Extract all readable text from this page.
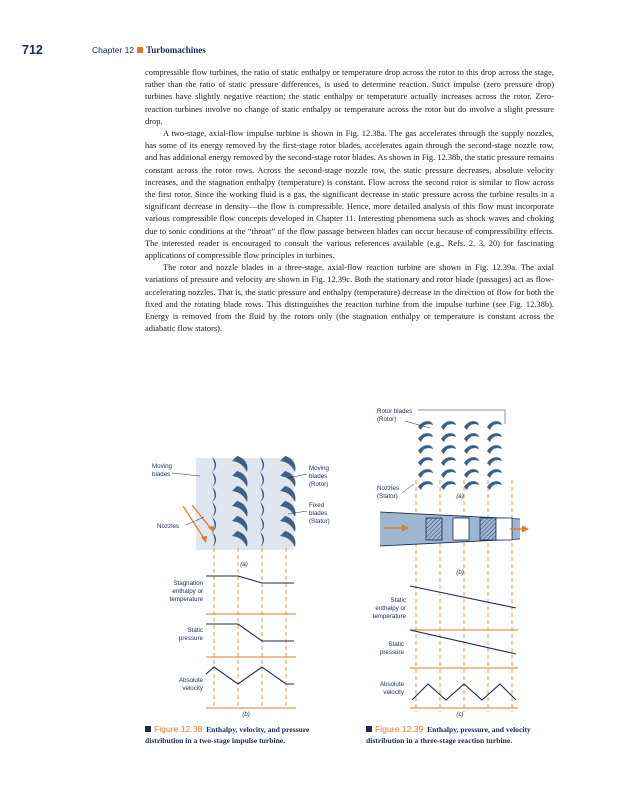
712	Chapter 12 Turbomachines

compressible flow turbines, the ratio of static enthalpy or temperature drop across the rotor to this drop across the stage, rather than the ratio of static pressure differences, is used to determine reaction. Strict impulse (zero pressure drop) turbines have slightly negative reaction; the static enthalpy or temperature actually increases across the rotor. Zero-reaction turbines involve no change of static enthalpy or temperature across the rotor but do involve a slight pressure drop.

A two-stage, axial-flow impulse turbine is shown in Fig. 12.38a. The gas accelerates through the supply nozzles, has some of its energy removed by the first-stage rotor blades, accelerates again through the second-stage nozzle row, and has additional energy removed by the second-stage rotor blades. As shown in Fig. 12.38b, the static pressure remains constant across the rotor rows. Across the second-stage nozzle row, the static pressure decreases, absolute velocity increases, and the stagnation enthalpy (temperature) is constant. Flow across the second rotor is similar to flow across the first rotor. Since the working fluid is a gas, the significant decrease in static pressure across the turbine results in a significant decrease in density—the flow is compressible. Hence, more detailed analysis of this flow must incorporate various compressible flow concepts developed in Chapter 11. Interesting phenomena such as shock waves and choking due to sonic conditions at the “throat” of the flow passage between blades can occur because of compressibility effects. The interested reader is encouraged to consult the various references available (e.g., Refs. 2, 3, 20) for fascinating applications of compressible flow principles in turbines.

The rotor and nozzle blades in a three-stage, axial-flow reaction turbine are shown in Fig. 12.39a. The axial variations of pressure and velocity are shown in Fig. 12.39c. Both the stationary and rotor blade (passages) act as flow-accelerating nozzles. That is, the static pressure and enthalpy (temperature) decrease in the direction of flow for both the fixed and the rotating blade rows. This distinguishes the reaction turbine from the impulse turbine (see Fig. 12.38b). Energy is removed from the fluid by the rotors only (the stagnation enthalpy or temperature is constant across the adiabatic flow stators).

Moving
blades
Nozzles
Moving
blades
(Rotor)
Fixed
blades
(Stator)
(a)
(b)
Stagnation
enthalpy or
temperature
Static
pressure
Absolute
velocity
Rotor blades
(Rotor)
Nozzles
(Stator)	(a)
(b)
(c)
Static
enthalpy or
temperature
Static
pressure
Absolute
velocity
Figure 12.38 Enthalpy, velocity, and pressure distribution in a two-stage impulse turbine.
Figure 12.39 Enthalpy, pressure, and velocity distribution in a three-stage reaction turbine.
